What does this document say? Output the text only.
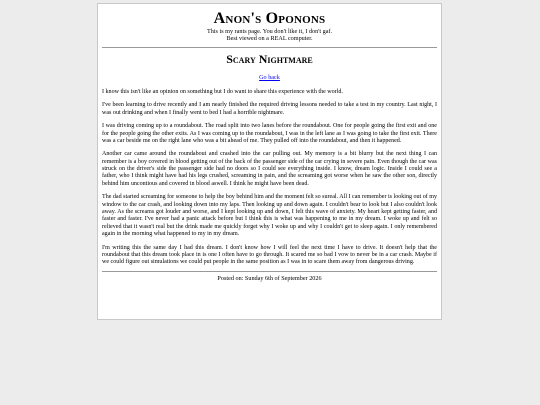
Anon's Oponons

This is my rants page. You don't like it, I don't gaf.

Best viewed on a REAL computer.

Scary Nightmare
Go back

I know this isn't like an opinion on something but I do want to share this experience with the world.

I've been learning to drive recently and I am nearly finished the required driving lessons needed to take a test in my country. Last night, I was out drinking and when I finally went to bed I had a horrible nightmare.

I was driving coming up to a roundabout. The road split into two lanes before the roundabout. One for people going the first exit and one for the people going the other exits. As I was coming up to the roundabout, I was in the left lane as I was going to take the first exit. There was a car beside me on the right lane who was a bit ahead of me. They pulled off into the roundabout, and then it happened.

Another car came around the roundabout and crashed into the car pulling out. My memory is a bit blurry but the next thing I can remember is a boy covered in blood getting out of the back of the passenger side of the car crying in severe pain. Even though the car was struck on the driver's side the passenger side had no doors so I could see everything inside. I know, dream logic. Inside I could see a father, who I think might have had his legs crushed, screaming in pain, and the screaming got worse when he saw the other son, directly behind him uncontious and covered in blood aswell. I think he might have been dead.

The dad started screaming for someone to help the boy behind him and the moment felt so sureal. All I can remember is looking out of my window to the car crash, and looking down into my laps. Then looking up and down again. I couldn't bear to look but I also couldn't look away. As the screams got louder and worse, and I kept looking up and down, I felt this wave of anxiety. My heart kept getting faster, and faster and faster. I've never had a panic attack before but I think this is what was happening to me in my dream. I woke up and felt so relieved that it wasn't real but the drink made me quickly forget why I woke up and why I couldn't get to sleep again. I only remembered again in the morning what happened to my in my dream.

I'm writing this the same day I had this dream. I don't know how I will feel the next time I have to drive. It doesn't help that the roundabout that this dream took place in is one I often have to go through. It scared me so bad I vow to never be in a car crash. Maybe if we could figure out simulations we could put people in the same position as I was in to scare them away from dangerous driving.

Posted on: Sunday 6th of September 2026
